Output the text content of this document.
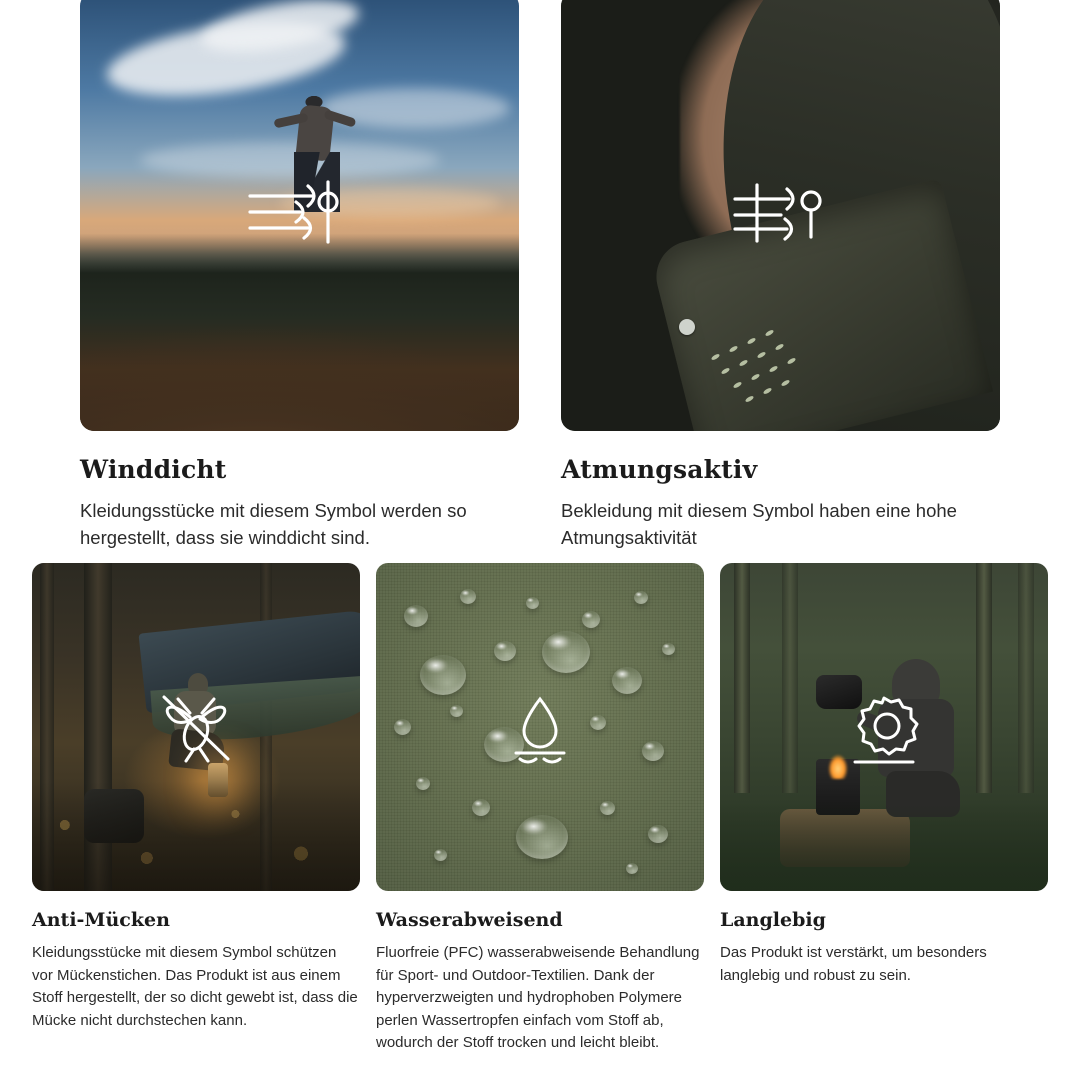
Winddicht
Kleidungsstücke mit diesem Symbol werden so hergestellt, dass sie winddicht sind.
Atmungsaktiv
Bekleidung mit diesem Symbol haben eine hohe Atmungsaktivität
Anti-Mücken
Kleidungsstücke mit diesem Symbol schützen vor Mückenstichen. Das Produkt ist aus einem Stoff hergestellt, der so dicht gewebt ist, dass die Mücke nicht durchstechen kann.
Wasserabweisend
Fluorfreie (PFC) wasserabweisende Behandlung für Sport- und Outdoor-Textilien. Dank der hyperverzweigten und hydrophoben Polymere perlen Wassertropfen einfach vom Stoff ab, wodurch der Stoff trocken und leicht bleibt.
Langlebig
Das Produkt ist verstärkt, um besonders langlebig und robust zu sein.
